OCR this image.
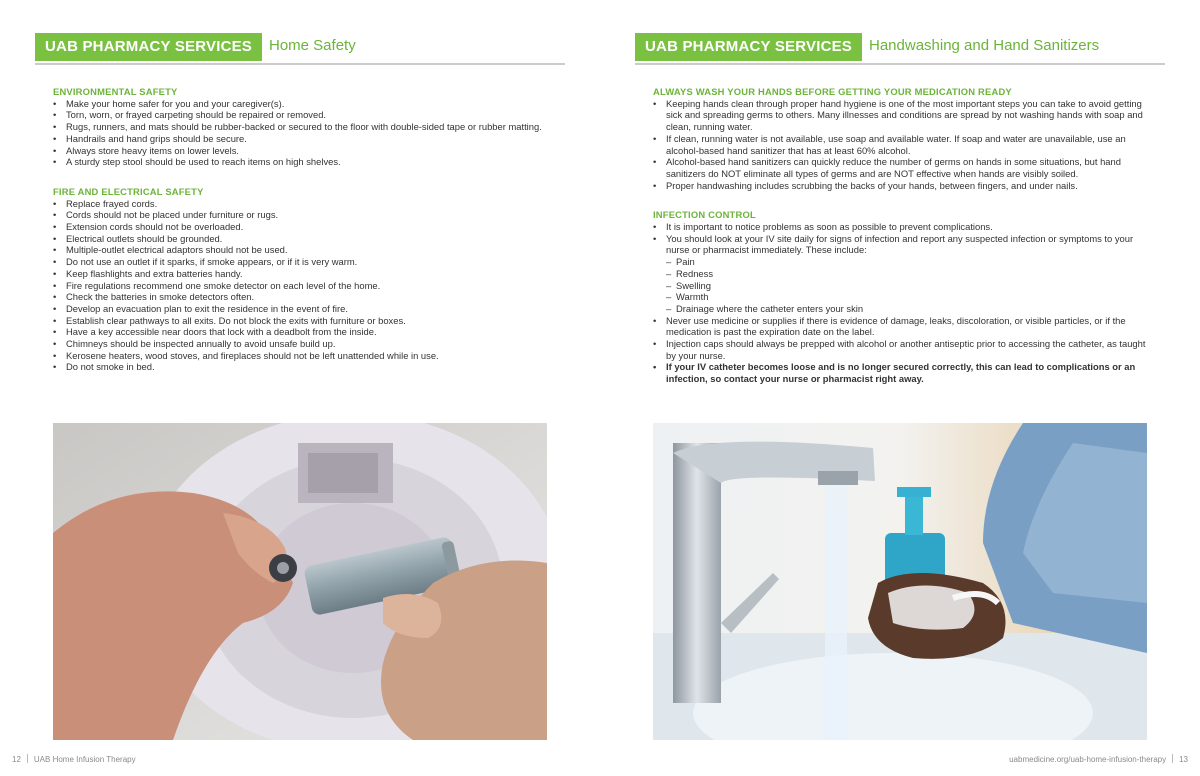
UAB PHARMACY SERVICES	Home Safety

ENVIRONMENTAL SAFETY

• Make your home safer for you and your caregiver(s).
• Torn, worn, or frayed carpeting should be repaired or removed.
• Rugs, runners, and mats should be rubber-backed or secured to the floor with double-sided tape or rubber matting.
• Handrails and hand grips should be secure.
• Always store heavy items on lower levels.
• A sturdy step stool should be used to reach items on high shelves.

FIRE AND ELECTRICAL SAFETY

• Replace frayed cords.
• Cords should not be placed under furniture or rugs.
• Extension cords should not be overloaded.
• Electrical outlets should be grounded.
• Multiple-outlet electrical adaptors should not be used.
• Do not use an outlet if it sparks, if smoke appears, or if it is very warm.
• Keep flashlights and extra batteries handy.
• Fire regulations recommend one smoke detector on each level of the home.
• Check the batteries in smoke detectors often.
• Develop an evacuation plan to exit the residence in the event of fire.
• Establish clear pathways to all exits. Do not block the exits with furniture or boxes.
• Have a key accessible near doors that lock with a deadbolt from the inside.
• Chimneys should be inspected annually to avoid unsafe build up.
• Kerosene heaters, wood stoves, and fireplaces should not be left unattended while in use.
• Do not smoke in bed.
12 UAB Home Infusion Therapy
UAB PHARMACY SERVICES	Handwashing and Hand Sanitizers

ALWAYS WASH YOUR HANDS BEFORE GETTING YOUR MEDICATION READY

• Keeping hands clean through proper hand hygiene is one of the most important steps you can take to avoid getting sick and spreading germs to others. Many illnesses and conditions are spread by not washing hands with soap and clean, running water.
• If clean, running water is not available, use soap and available water. If soap and water are unavailable, use an alcohol-based hand sanitizer that has at least 60% alcohol.
• Alcohol-based hand sanitizers can quickly reduce the number of germs on hands in some situations, but hand sanitizers do NOT eliminate all types of germs and are NOT effective when hands are visibly soiled.
• Proper handwashing includes scrubbing the backs of your hands, between fingers, and under nails.

INFECTION CONTROL

• It is important to notice problems as soon as possible to prevent complications.
• You should look at your IV site daily for signs of infection and report any suspected infection or symptoms to your nurse or pharmacist immediately. These include:
– Pain
– Redness
– Swelling
– Warmth
– Drainage where the catheter enters your skin
• Never use medicine or supplies if there is evidence of damage, leaks, discoloration, or visible particles, or if the medication is past the expiration date on the label.
• Injection caps should always be prepped with alcohol or another antiseptic prior to accessing the catheter, as taught by your nurse.
• If your IV catheter becomes loose and is no longer secured correctly, this can lead to complications or an infection, so contact your nurse or pharmacist right away.
uabmedicine.org/uab-home-infusion-therapy 13
